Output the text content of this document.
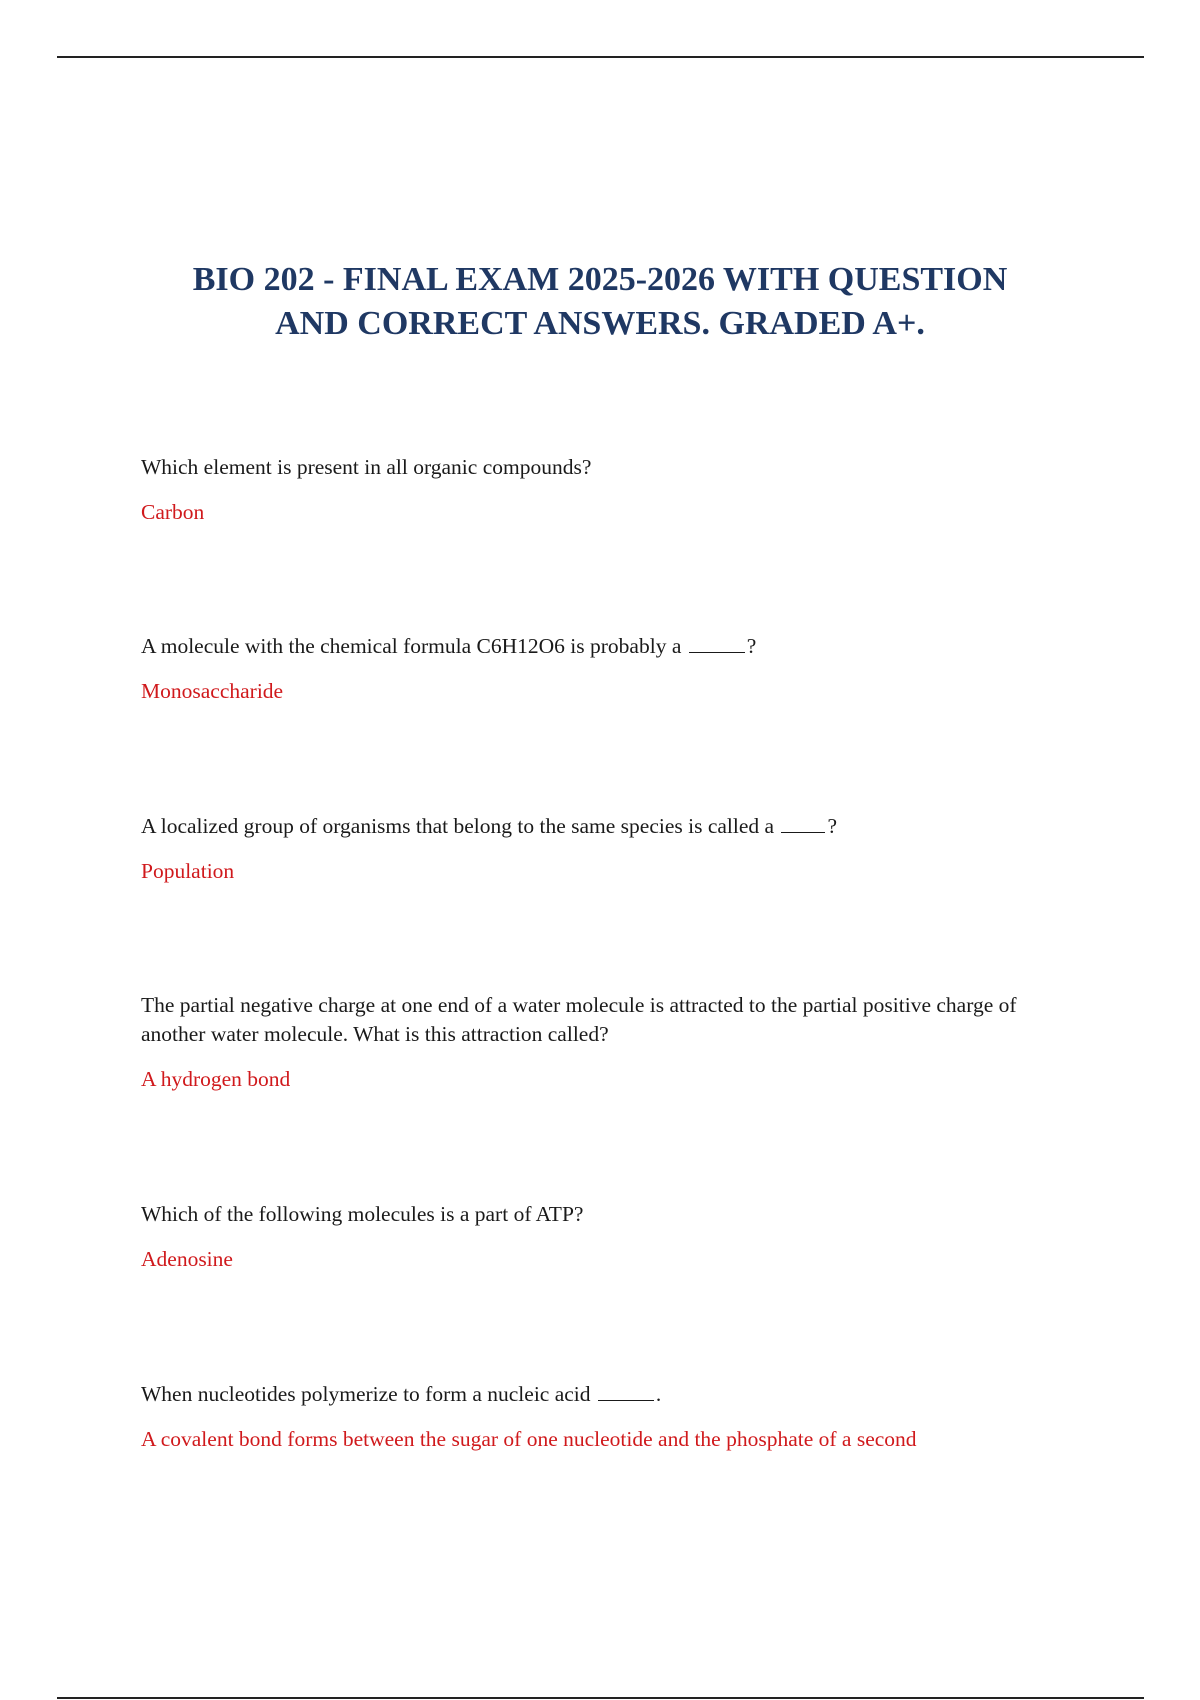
BIO 202 - FINAL EXAM 2025-2026 WITH QUESTION
AND CORRECT ANSWERS. GRADED A+.

Which element is present in all organic compounds?

Carbon

A molecule with the chemical formula C6H12O6 is probably a	?

Monosaccharide

A localized group of organisms that belong to the same species is called a ?

Population

The partial negative charge at one end of a water molecule is attracted to the partial positive charge of another water molecule. What is this attraction called?

A hydrogen bond

Which of the following molecules is a part of ATP?

Adenosine

When nucleotides polymerize to form a nucleic acid	.

A covalent bond forms between the sugar of one nucleotide and the phosphate of a second
